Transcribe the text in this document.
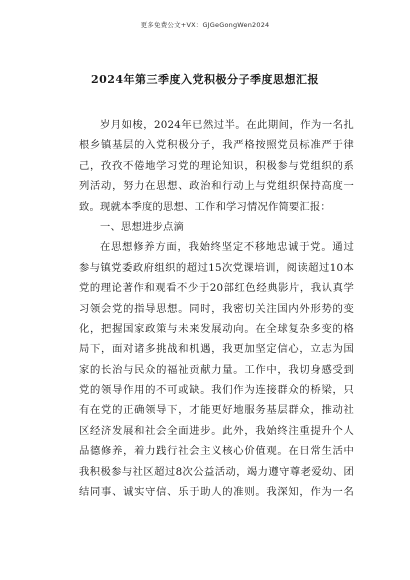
更多免费公文+VX：GJGeGongWen2024
2024年第三季度入党积极分子季度思想汇报
岁月如梭，2024年已然过半。在此期间，作为一名扎
根乡镇基层的入党积极分子，我严格按照党员标准严于律
己，孜孜不倦地学习党的理论知识，积极参与党组织的系
列活动，努力在思想、政治和行动上与党组织保持高度一
致。现就本季度的思想、工作和学习情况作简要汇报：
一、思想进步点滴
在思想修养方面，我始终坚定不移地忠诚于党。通过
参与镇党委政府组织的超过15次党课培训，阅读超过10本
党的理论著作和观看不少于20部红色经典影片，我认真学
习领会党的指导思想。同时，我密切关注国内外形势的变
化，把握国家政策与未来发展动向。在全球复杂多变的格
局下，面对诸多挑战和机遇，我更加坚定信心，立志为国
家的长治与民众的福祉贡献力量。工作中，我切身感受到
党的领导作用的不可或缺。我们作为连接群众的桥梁，只
有在党的正确领导下，才能更好地服务基层群众，推动社
区经济发展和社会全面进步。此外，我始终注重提升个人
品德修养，着力践行社会主义核心价值观。在日常生活中
我积极参与社区超过8次公益活动，竭力遵守尊老爱幼、团
结同事、诚实守信、乐于助人的准则。我深知，作为一名
